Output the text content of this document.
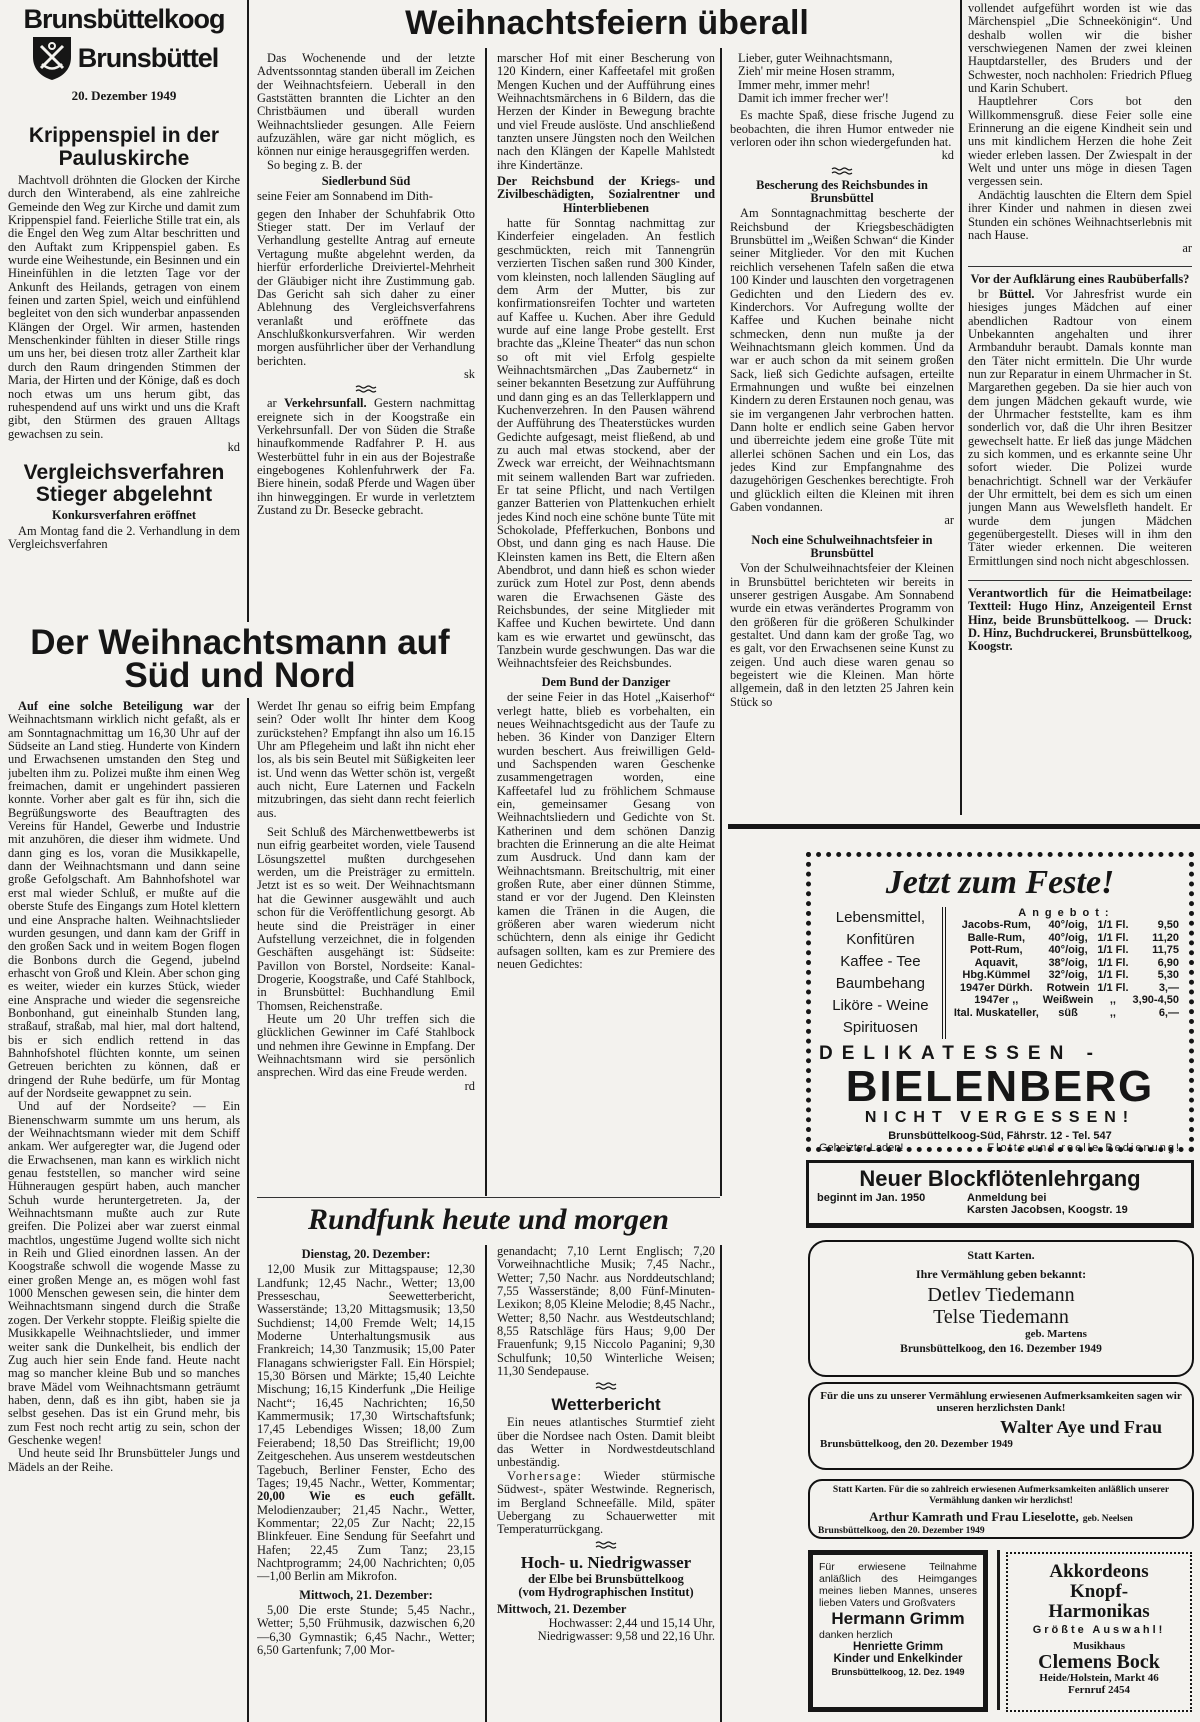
Brunsbüttelkoog
Brunsbüttel
20. Dezember 1949
Weihnachtsfeiern überall
Krippenspiel in der Pauluskirche

Machtvoll dröhnten die Glocken der Kirche durch den Winterabend, als eine zahlreiche Gemeinde den Weg zur Kirche und damit zum Krippenspiel fand. Feierliche Stille trat ein, als die Engel den Weg zum Altar beschritten und den Auftakt zum Krippenspiel gaben. Es wurde eine Weihestunde, ein Besinnen und ein Hineinfühlen in die letzten Tage vor der Ankunft des Heilands, getragen von einem feinen und zarten Spiel, weich und einfühlend begleitet von den sich wunderbar anpassenden Klängen der Orgel. Wir armen, hastenden Menschenkinder fühlten in dieser Stille rings um uns her, bei diesen trotz aller Zartheit klar durch den Raum dringenden Stimmen der Maria, der Hirten und der Könige, daß es doch noch etwas um uns herum gibt, das ruhespendend auf uns wirkt und uns die Kraft gibt, den Stürmen des grauen Alltags gewachsen zu sein.

kd
Vergleichsverfahren Stieger abgelehnt
Konkursverfahren eröffnet

Am Montag fand die 2. Verhandlung in dem Vergleichsverfahren

Der Weihnachtsmann auf Süd und Nord

Auf eine solche Beteiligung war der Weihnachtsmann wirklich nicht gefaßt, als er am Sonntagnachmittag um 16,30 Uhr auf der Südseite an Land stieg. Hunderte von Kindern und Erwachsenen umstanden den Steg und jubelten ihm zu. Polizei mußte ihm einen Weg freimachen, damit er ungehindert passieren konnte. Vorher aber galt es für ihn, sich die Begrüßungsworte des Beauftragten des Vereins für Handel, Gewerbe und Industrie mit anzuhören, die dieser ihm widmete. Und dann ging es los, voran die Musikkapelle, dann der Weihnachtsmann und dann seine große Gefolgschaft. Am Bahnhofshotel war erst mal wieder Schluß, er mußte auf die oberste Stufe des Eingangs zum Hotel klettern und eine Ansprache halten. Weihnachtslieder wurden gesungen, und dann kam der Griff in den großen Sack und in weitem Bogen flogen die Bonbons durch die Gegend, jubelnd erhascht von Groß und Klein. Aber schon ging es weiter, wieder ein kurzes Stück, wieder eine Ansprache und wieder die segensreiche Bonbonhand, gut eineinhalb Stunden lang, straßauf, straßab, mal hier, mal dort haltend, bis er sich endlich rettend in das Bahnhofshotel flüchten konnte, um seinen Getreuen berichten zu können, daß er dringend der Ruhe bedürfe, um für Montag auf der Nordseite gewappnet zu sein.

Und auf der Nordseite? — Ein Bienenschwarm summte um uns herum, als der Weihnachtsmann wieder mit dem Schiff ankam. Wer aufgeregter war, die Jugend oder die Erwachsenen, man kann es wirklich nicht genau feststellen, so mancher wird seine Hühneraugen gespürt haben, auch mancher Schuh wurde heruntergetreten. Ja, der Weihnachtsmann mußte auch zur Rute greifen. Die Polizei aber war zuerst einmal machtlos, ungestüme Jugend wollte sich nicht in Reih und Glied einordnen lassen. An der Koogstraße schwoll die wogende Masse zu einer großen Menge an, es mögen wohl fast 1000 Menschen gewesen sein, die hinter dem Weihnachtsmann singend durch die Straße zogen. Der Verkehr stoppte. Fleißig spielte die Musikkapelle Weihnachtslieder, und immer weiter sank die Dunkelheit, bis endlich der Zug auch hier sein Ende fand. Heute nacht mag so mancher kleine Bub und so manches brave Mädel vom Weihnachtsmann geträumt haben, denn, daß es ihn gibt, haben sie ja selbst gesehen. Das ist ein Grund mehr, bis zum Fest noch recht artig zu sein, schon der Geschenke wegen!

Und heute seid Ihr Brunsbütteler Jungs und Mädels an der Reihe.

Das Wochenende und der letzte Adventssonntag standen überall im Zeichen der Weihnachtsfeiern. Ueberall in den Gaststätten brannten die Lichter an den Christbäumen und überall wurden Weihnachtslieder gesungen. Alle Feiern aufzuzählen, wäre gar nicht möglich, es können nur einige herausgegriffen werden.

So beging z. B. der

Siedlerbund Süd

seine Feier am Sonnabend im Dith-

gegen den Inhaber der Schuhfabrik Otto Stieger statt. Der im Verlauf der Verhandlung gestellte Antrag auf erneute Vertagung mußte abgelehnt werden, da hierfür erforderliche Dreiviertel-Mehrheit der Gläubiger nicht ihre Zustimmung gab. Das Gericht sah sich daher zu einer Ablehnung des Vergleichsverfahrens veranlaßt und eröffnete das Anschlußkonkursverfahren. Wir werden morgen ausführlicher über der Verhandlung berichten.

sk

ar Verkehrsunfall. Gestern nachmittag ereignete sich in der Koogstraße ein Verkehrsunfall. Der von Süden die Straße hinaufkommende Radfahrer P. H. aus Westerbüttel fuhr in ein aus der Bojestraße eingebogenes Kohlenfuhrwerk der Fa. Biere hinein, sodaß Pferde und Wagen über ihn hinweggingen. Er wurde in verletztem Zustand zu Dr. Besecke gebracht.

Werdet Ihr genau so eifrig beim Empfang sein? Oder wollt Ihr hinter dem Koog zurückstehen? Empfangt ihn also um 16.15 Uhr am Pflegeheim und laßt ihn nicht eher los, als bis sein Beutel mit Süßigkeiten leer ist. Und wenn das Wetter schön ist, vergeßt auch nicht, Eure Laternen und Fackeln mitzubringen, das sieht dann recht feierlich aus.

Seit Schluß des Märchenwettbewerbs ist nun eifrig gearbeitet worden, viele Tausend Lösungszettel mußten durchgesehen werden, um die Preisträger zu ermitteln. Jetzt ist es so weit. Der Weihnachtsmann hat die Gewinner ausgewählt und auch schon für die Veröffentlichung gesorgt. Ab heute sind die Preisträger in einer Aufstellung verzeichnet, die in folgenden Geschäften ausgehängt ist: Südseite: Pavillon von Borstel, Nordseite: Kanal-Drogerie, Koogstraße, und Café Stahlbock, in Brunsbüttel: Buchhandlung Emil Thomsen, Reichenstraße.

Heute um 20 Uhr treffen sich die glücklichen Gewinner im Café Stahlbock und nehmen ihre Gewinne in Empfang. Der Weihnachtsmann wird sie persönlich ansprechen. Wird das eine Freude werden.

rd
Rundfunk heute und morgen
Dienstag, 20. Dezember:

12,00 Musik zur Mittagspause; 12,30 Landfunk; 12,45 Nachr., Wetter; 13,00 Presseschau, Seewetterbericht, Wasserstände; 13,20 Mittagsmusik; 13,50 Suchdienst; 14,00 Fremde Welt; 14,15 Moderne Unterhaltungsmusik aus Frankreich; 14,30 Tanzmusik; 15,00 Pater Flanagans schwierigster Fall. Ein Hörspiel; 15,30 Börsen und Märkte; 15,40 Leichte Mischung; 16,15 Kinderfunk „Die Heilige Nacht“; 16,45 Nachrichten; 16,50 Kammermusik; 17,30 Wirtschaftsfunk; 17,45 Lebendiges Wissen; 18,00 Zum Feierabend; 18,50 Das Streiflicht; 19,00 Zeitgeschehen. Aus unserem westdeutschen Tagebuch, Berliner Fenster, Echo des Tages; 19,45 Nachr., Wetter, Kommentar; 20,00 Wie es euch gefällt. Melodienzauber; 21,45 Nachr., Wetter, Kommentar; 22,05 Zur Nacht; 22,15 Blinkfeuer. Eine Sendung für Seefahrt und Hafen; 22,45 Zum Tanz; 23,15 Nachtprogramm; 24,00 Nachrichten; 0,05—1,00 Berlin am Mikrofon.

Mittwoch, 21. Dezember:

5,00 Die erste Stunde; 5,45 Nachr., Wetter; 5,50 Frühmusik, dazwischen 6,20—6,30 Gymnastik; 6,45 Nachr., Wetter; 6,50 Gartenfunk; 7,00 Mor-

marscher Hof mit einer Bescherung von 120 Kindern, einer Kaffeetafel mit großen Mengen Kuchen und der Aufführung eines Weihnachtsmärchens in 6 Bildern, das die Herzen der Kinder in Bewegung brachte und viel Freude auslöste. Und anschließend tanzten unsere Jüngsten noch den Weilchen nach den Klängen der Kapelle Mahlstedt ihre Kindertänze.

Der Reichsbund der Kriegs- und Zivilbeschädigten, Sozialrentner und Hinterbliebenen

hatte für Sonntag nachmittag zur Kinderfeier eingeladen. An festlich geschmückten, reich mit Tannengrün verzierten Tischen saßen rund 300 Kinder, vom kleinsten, noch lallenden Säugling auf dem Arm der Mutter, bis zur konfirmationsreifen Tochter und warteten auf Kaffee u. Kuchen. Aber ihre Geduld wurde auf eine lange Probe gestellt. Erst brachte das „Kleine Theater“ das nun schon so oft mit viel Erfolg gespielte Weihnachtsmärchen „Das Zaubernetz“ in seiner bekannten Besetzung zur Aufführung und dann ging es an das Tellerklappern und Kuchenverzehren. In den Pausen während der Aufführung des Theaterstückes wurden Gedichte aufgesagt, meist fließend, ab und zu auch mal etwas stockend, aber der Zweck war erreicht, der Weihnachtsmann mit seinem wallenden Bart war zufrieden. Er tat seine Pflicht, und nach Vertilgen ganzer Batterien von Plattenkuchen erhielt jedes Kind noch eine schöne bunte Tüte mit Schokolade, Pfefferkuchen, Bonbons und Obst, und dann ging es nach Hause. Die Kleinsten kamen ins Bett, die Eltern aßen Abendbrot, und dann hieß es schon wieder zurück zum Hotel zur Post, denn abends waren die Erwachsenen Gäste des Reichsbundes, der seine Mitglieder mit Kaffee und Kuchen bewirtete. Und dann kam es wie erwartet und gewünscht, das Tanzbein wurde geschwungen. Das war die Weihnachtsfeier des Reichsbundes.

Dem Bund der Danziger

der seine Feier in das Hotel „Kaiserhof“ verlegt hatte, blieb es vorbehalten, ein neues Weihnachtsgedicht aus der Taufe zu heben. 36 Kinder von Danziger Eltern wurden beschert. Aus freiwilligen Geld- und Sachspenden waren Geschenke zusammengetragen worden, eine Kaffeetafel lud zu fröhlichem Schmause ein, gemeinsamer Gesang von Weihnachtsliedern und Gedichte von St. Katherinen und dem schönen Danzig brachten die Erinnerung an die alte Heimat zum Ausdruck. Und dann kam der Weihnachtsmann. Breitschultrig, mit einer großen Rute, aber einer dünnen Stimme, stand er vor der Jugend. Den Kleinsten kamen die Tränen in die Augen, die größeren aber waren wiederum nicht schüchtern, denn als einige ihr Gedicht aufsagen sollten, kam es zur Premiere des neuen Gedichtes:

genandacht; 7,10 Lernt Englisch; 7,20 Vorweihnachtliche Musik; 7,45 Nachr., Wetter; 7,50 Nachr. aus Norddeutschland; 7,55 Wasserstände; 8,00 Fünf-Minuten-Lexikon; 8,05 Kleine Melodie; 8,45 Nachr., Wetter; 8,50 Nachr. aus Westdeutschland; 8,55 Ratschläge fürs Haus; 9,00 Der Frauenfunk; 9,15 Niccolo Paganini; 9,30 Schulfunk; 10,50 Winterliche Weisen; 11,30 Sendepause.

Wetterbericht

Ein neues atlantisches Sturmtief zieht über die Nordsee nach Osten. Damit bleibt das Wetter in Nordwestdeutschland unbeständig.

Vorhersage: Wieder stürmische Südwest-, später Westwinde. Regnerisch, im Bergland Schneefälle. Mild, später Uebergang zu Schauerwetter mit Temperaturrückgang.

Hoch- u. Niedrigwasser
der Elbe bei Brunsbüttelkoog
(vom Hydrographischen Institut)
Mittwoch, 21. Dezember
Hochwasser: 2,44 und 15,14 Uhr,
Niedrigwasser: 9,58 und 22,16 Uhr.
Lieber, guter Weihnachtsmann,
Zieh' mir meine Hosen stramm,
Immer mehr, immer mehr!
Damit ich immer frecher wer'!

Es machte Spaß, diese frische Jugend zu beobachten, die ihren Humor entweder nie verloren oder ihn schon wiedergefunden hat.

kd
Bescherung des Reichsbundes in Brunsbüttel

Am Sonntagnachmittag bescherte der Reichsbund der Kriegsbeschädigten Brunsbüttel im „Weißen Schwan“ die Kinder seiner Mitglieder. Vor den mit Kuchen reichlich versehenen Tafeln saßen die etwa 100 Kinder und lauschten den vorgetragenen Gedichten und den Liedern des ev. Kinderchors. Vor Aufregung wollte der Kaffee und Kuchen beinahe nicht schmecken, denn nun mußte ja der Weihnachtsmann gleich kommen. Und da war er auch schon da mit seinem großen Sack, ließ sich Gedichte aufsagen, erteilte Ermahnungen und wußte bei einzelnen Kindern zu deren Erstaunen noch genau, was sie im vergangenen Jahr verbrochen hatten. Dann holte er endlich seine Gaben hervor und überreichte jedem eine große Tüte mit allerlei schönen Sachen und ein Los, das jedes Kind zur Empfangnahme des dazugehörigen Geschenkes berechtigte. Froh und glücklich eilten die Kleinen mit ihren Gaben vondannen.

ar
Noch eine Schulweihnachtsfeier in Brunsbüttel

Von der Schulweihnachtsfeier der Kleinen in Brunsbüttel berichteten wir bereits in unserer gestrigen Ausgabe. Am Sonnabend wurde ein etwas verändertes Programm von den größeren für die größeren Schulkinder gestaltet. Und dann kam der große Tag, wo es galt, vor den Erwachsenen seine Kunst zu zeigen. Und auch diese waren genau so begeistert wie die Kleinen. Man hörte allgemein, daß in den letzten 25 Jahren kein Stück so

vollendet aufgeführt worden ist wie das Märchenspiel „Die Schneekönigin“. Und deshalb wollen wir die bisher verschwiegenen Namen der zwei kleinen Hauptdarsteller, des Bruders und der Schwester, noch nachholen: Friedrich Pflueg und Karin Schubert.

Hauptlehrer Cors bot den Willkommensgruß. diese Feier solle eine Erinnerung an die eigene Kindheit sein und uns mit kindlichem Herzen die hohe Zeit wieder erleben lassen. Der Zwiespalt in der Welt und unter uns möge in diesen Tagen vergessen sein.

Andächtig lauschten die Eltern dem Spiel ihrer Kinder und nahmen in diesen zwei Stunden ein schönes Weihnachtserlebnis mit nach Hause.

ar
Vor der Aufklärung eines Raubüberfalls?

br Büttel. Vor Jahresfrist wurde ein hiesiges junges Mädchen auf einer abendlichen Radtour von einem Unbekannten angehalten und ihrer Armbanduhr beraubt. Damals konnte man den Täter nicht ermitteln. Die Uhr wurde nun zur Reparatur in einem Uhrmacher in St. Margarethen gegeben. Da sie hier auch von dem jungen Mädchen gekauft wurde, wie der Uhrmacher feststellte, kam es ihm sonderlich vor, daß die Uhr ihren Besitzer gewechselt hatte. Er ließ das junge Mädchen zu sich kommen, und es erkannte seine Uhr sofort wieder. Die Polizei wurde benachrichtigt. Schnell war der Verkäufer der Uhr ermittelt, bei dem es sich um einen jungen Mann aus Wewelsfleth handelt. Er wurde dem jungen Mädchen gegenübergestellt. Dieses will in ihm den Täter wieder erkennen. Die weiteren Ermittlungen sind noch nicht abgeschlossen.

Verantwortlich für die Heimatbeilage: Textteil: Hugo Hinz, Anzeigenteil Ernst Hinz, beide Brunsbüttelkoog. — Druck: D. Hinz, Buchdruckerei, Brunsbüttelkoog, Koogstr.

Jetzt zum Feste!
Lebensmittel, Konfitüren
Kaffee - Tee
Baumbehang
Liköre - Weine
Spirituosen
Angebot:
Jacobs-Rum,	40°/oig,	1/1 Fl.	9,50
Balle-Rum,	40°/oig,	1/1 Fl.	11,20
Pott-Rum,	40°/oig,	1/1 Fl.	11,75
Aquavit,	38°/oig,	1/1 Fl.	6,90
Hbg.Kümmel	32°/oig,	1/1 Fl.	5,30
1947er Dürkh.	Rotwein	1/1 Fl.	3,—
1947er ,,	Weißwein	,,	3,90-4,50
Ital. Muskateller,	süß	,,	6,—
DELIKATESSEN -
BIELENBERG
NICHT VERGESSEN!
Brunsbüttelkoog-Süd, Fährstr. 12 - Tel. 547
Geheizter Laden!	Flotte und reelle Bedienung!
Neuer Blockflötenlehrgang
beginnt im Jan. 1950	Anmeldung bei
Karsten Jacobsen, Koogstr. 19
Statt Karten.
Ihre Vermählung geben bekannt:
Detlev Tiedemann
Telse Tiedemann
geb. Martens
Brunsbüttelkoog, den 16. Dezember 1949
Für die uns zu unserer Vermählung erwiesenen Aufmerksamkeiten sagen wir unseren herzlichsten Dank!
Walter Aye und Frau
Brunsbüttelkoog, den 20. Dezember 1949
Statt Karten. Für die so zahlreich erwiesenen Aufmerksamkeiten anläßlich unserer Vermählung danken wir herzlichst!
Arthur Kamrath und Frau Lieselotte, geb. Neelsen
Brunsbüttelkoog, den 20. Dezember 1949
Für erwiesene Teilnahme anläßlich des Heimganges meines lieben Mannes, unseres lieben Vaters und Großvaters
Hermann Grimm
danken herzlich
Henriette Grimm
Kinder und Enkelkinder
Brunsbüttelkoog, 12. Dez. 1949
Akkordeons
Knopf-
Harmonikas
Größte Auswahl!
Musikhaus
Clemens Bock
Heide/Holstein, Markt 46
Fernruf 2454
